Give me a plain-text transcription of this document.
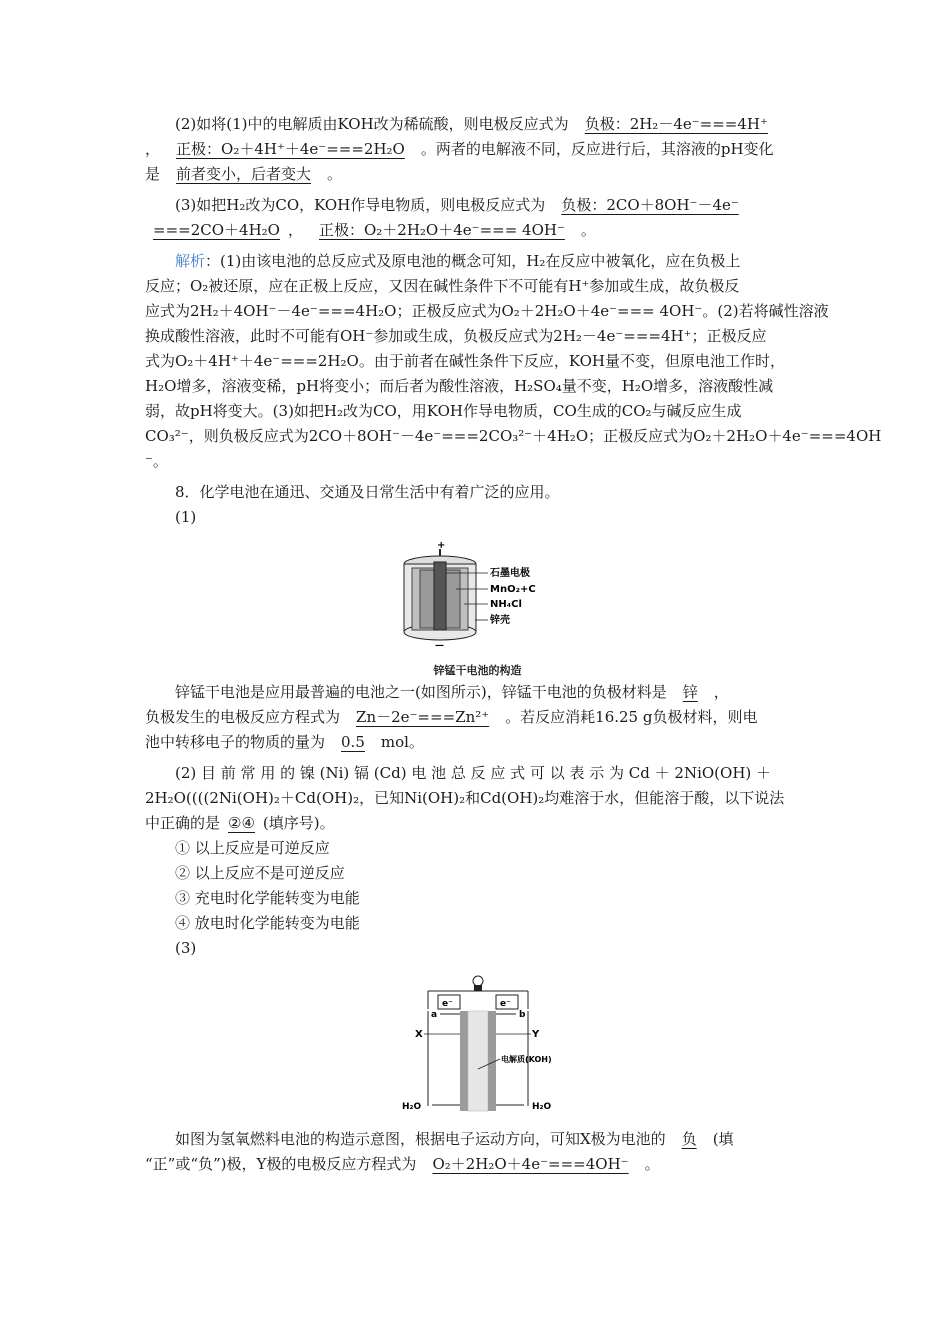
(2)如将(1)中的电解质由KOH改为稀硫酸，则电极反应式为 负极：2H₂－4e⁻===4H⁺
， 正极：O₂＋4H⁺＋4e⁻===2H₂O 。两者的电解液不同，反应进行后，其溶液的pH变化
是 前者变小，后者变大 。
(3)如把H₂改为CO，KOH作导电物质，则电极反应式为 负极：2CO＋8OH⁻－4e⁻
===2CO＋4H₂O ， 正极：O₂＋2H₂O＋4e⁻=== 4OH⁻ 。
解析：(1)由该电池的总反应式及原电池的概念可知，H₂在反应中被氧化，应在负极上
反应；O₂被还原，应在正极上反应，又因在碱性条件下不可能有H⁺参加或生成，故负极反
应式为2H₂＋4OH⁻－4e⁻===4H₂O；正极反应式为O₂＋2H₂O＋4e⁻=== 4OH⁻。(2)若将碱性溶液
换成酸性溶液，此时不可能有OH⁻参加或生成，负极反应式为2H₂－4e⁻===4H⁺；正极反应
式为O₂＋4H⁺＋4e⁻===2H₂O。由于前者在碱性条件下反应，KOH量不变，但原电池工作时，
H₂O增多，溶液变稀，pH将变小；而后者为酸性溶液，H₂SO₄量不变，H₂O增多，溶液酸性减
弱，故pH将变大。(3)如把H₂改为CO，用KOH作导电物质，CO生成的CO₂与碱反应生成
CO₃²⁻，则负极反应式为2CO＋8OH⁻－4e⁻===2CO₃²⁻＋4H₂O；正极反应式为O₂＋2H₂O＋4e⁻===4OH
⁻。
8．化学电池在通迅、交通及日常生活中有着广泛的应用。
(1)
+
石墨电极
MnO₂+C
NH₄Cl
锌壳
—
锌锰干电池的构造
锌锰干电池是应用最普遍的电池之一(如图所示)，锌锰干电池的负极材料是 锌 ，
负极发生的电极反应方程式为 Zn－2e⁻===Zn²⁺ 。若反应消耗16.25 g负极材料，则电
池中转移电子的物质的量为 0.5 mol。
(2) 目 前 常 用 的 镍 (Ni) 镉 (Cd) 电 池 总 反 应 式 可 以 表 示 为 Cd ＋ 2NiO(OH) ＋
2H₂O((((2Ni(OH)₂＋Cd(OH)₂，已知Ni(OH)₂和Cd(OH)₂均难溶于水，但能溶于酸，以下说法
中正确的是 ②④ (填序号)。
① 以上反应是可逆反应
② 以上反应不是可逆反应
③ 充电时化学能转变为电能
④ 放电时化学能转变为电能
(3)
e⁻	e⁻
a	b
X	Y
电解质(KOH)
H₂O	H₂O
如图为氢氧燃料电池的构造示意图，根据电子运动方向，可知X极为电池的 负 (填
“正”或“负”)极，Y极的电极反应方程式为 O₂＋2H₂O＋4e⁻===4OH⁻ 。
